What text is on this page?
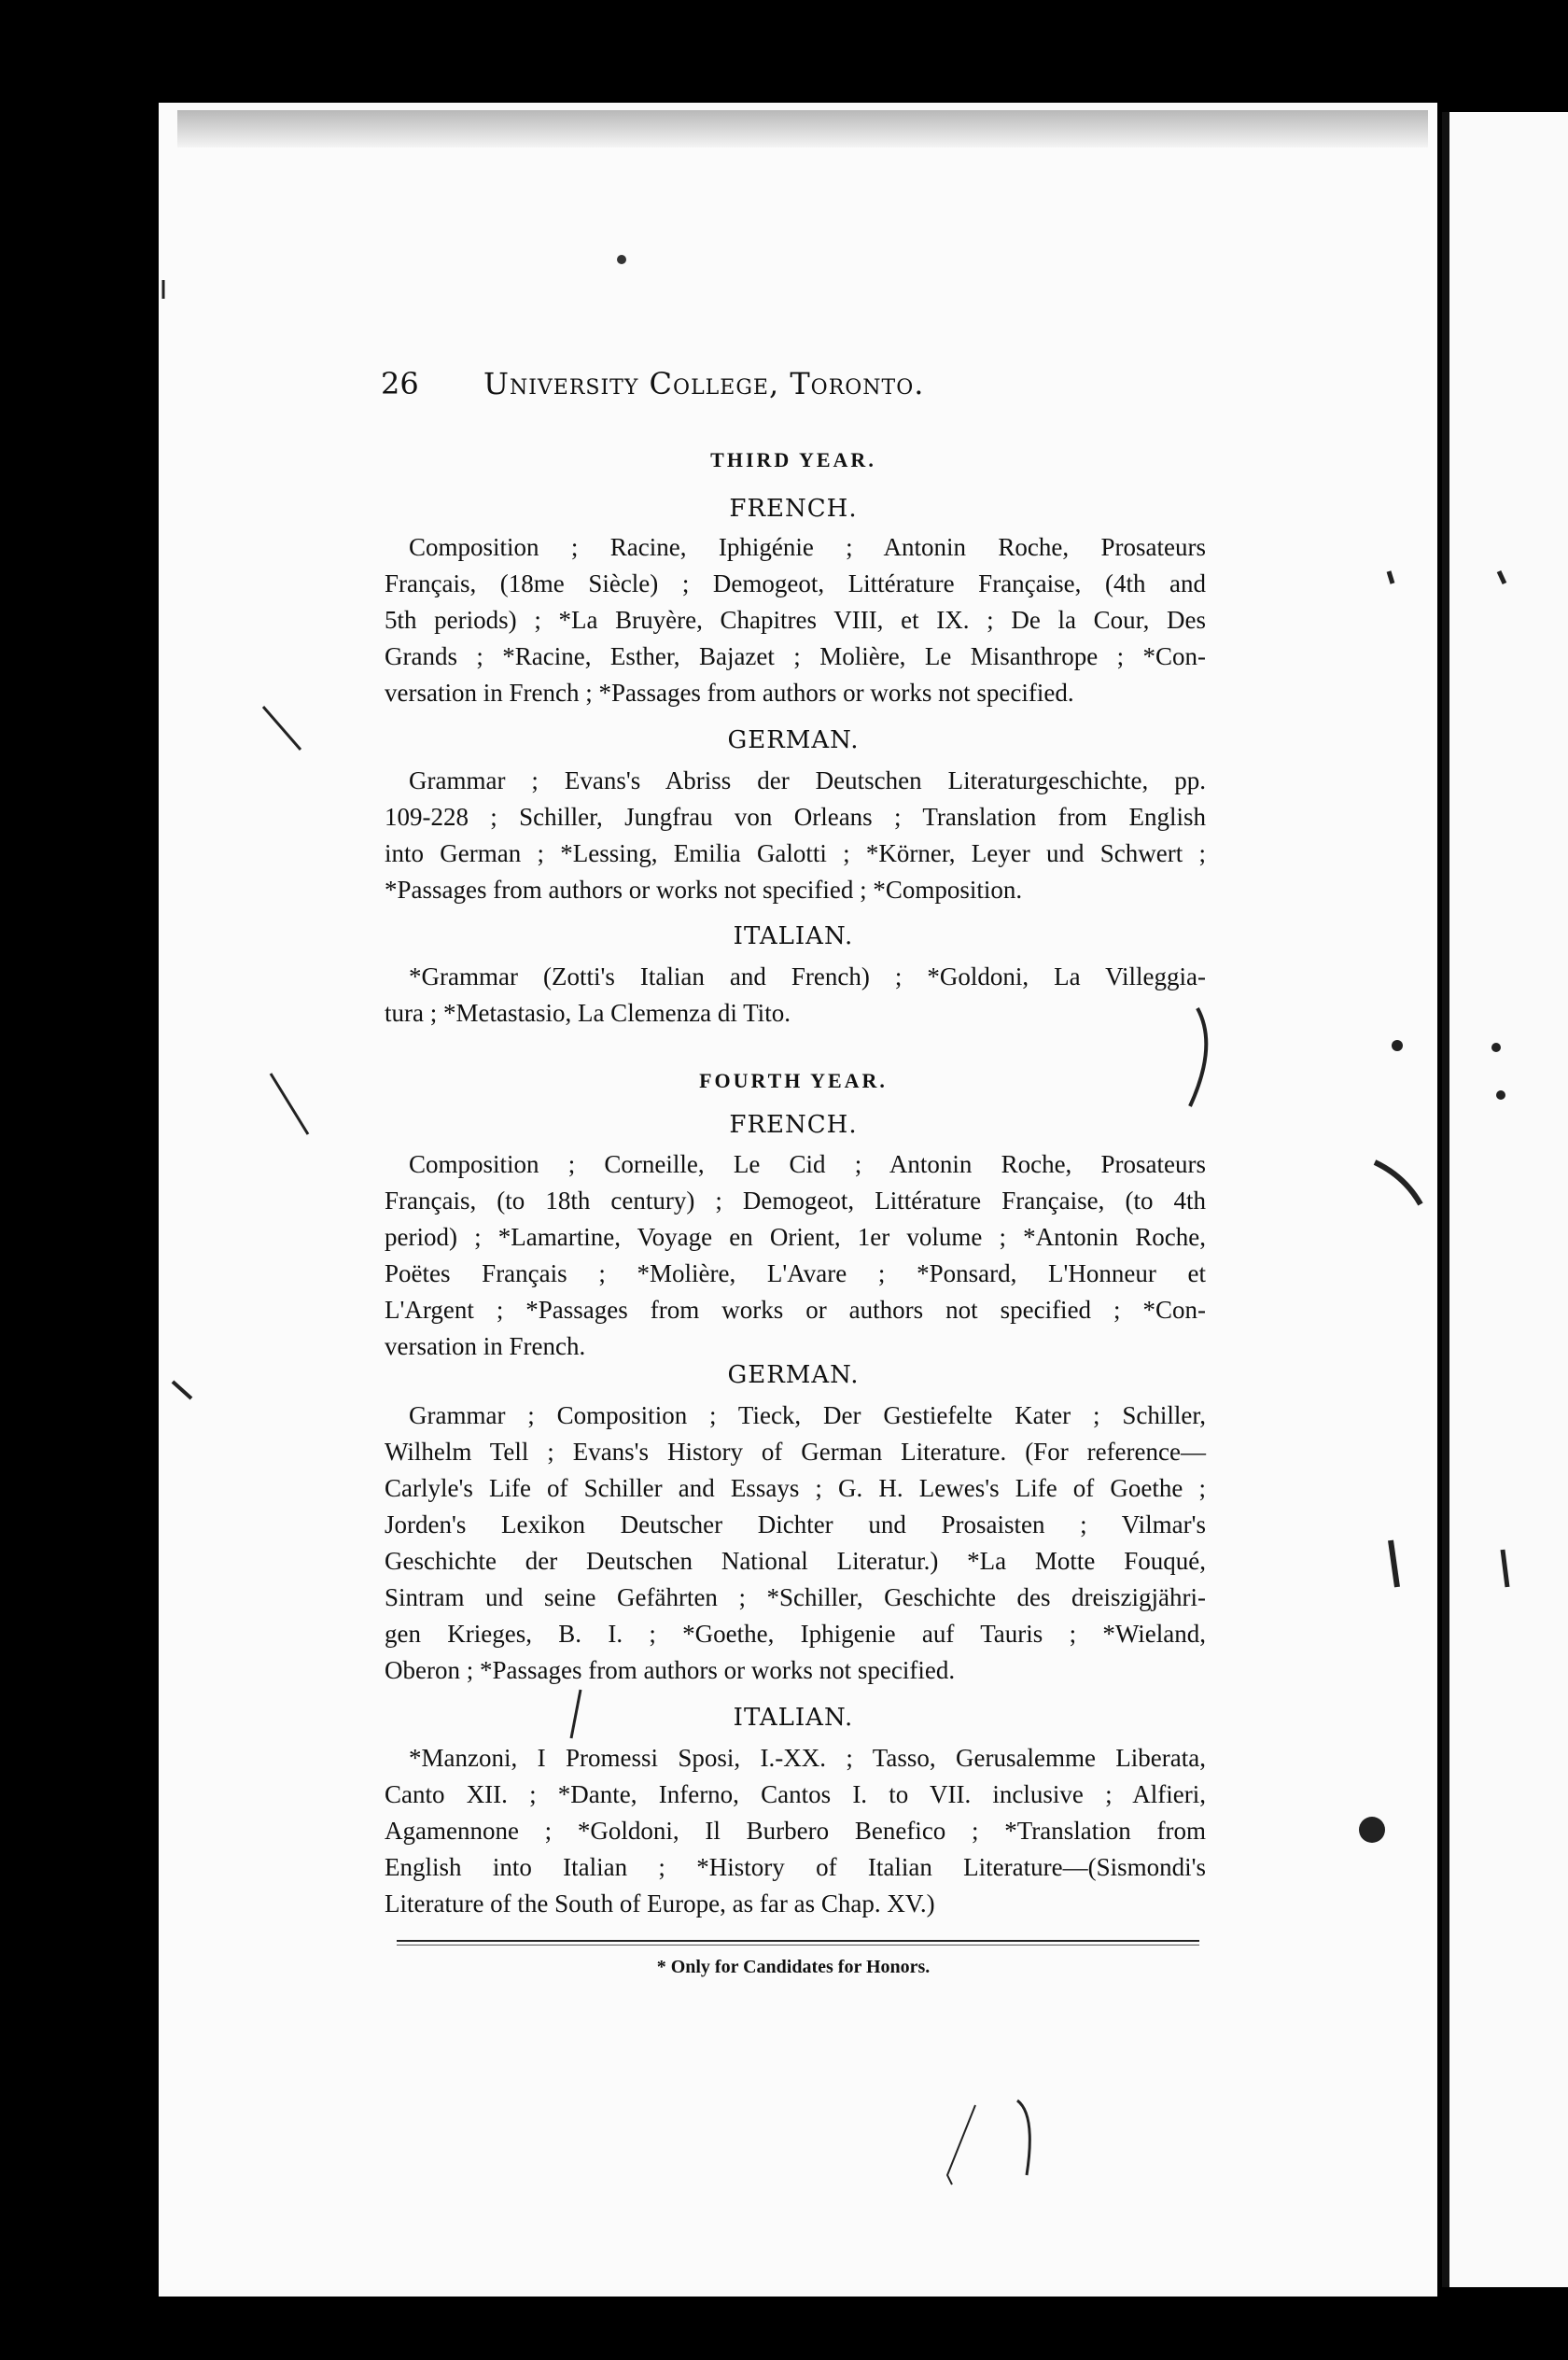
26	University College, Toronto.
THIRD YEAR.
FRENCH.
Composition ; Racine, Iphigénie ; Antonin Roche, Prosateurs
Français, (18me Siècle) ; Demogeot, Littérature Française, (4th and
5th periods) ; *La Bruyère, Chapitres VIII, et IX. ; De la Cour, Des
Grands ; *Racine, Esther, Bajazet ; Molière, Le Misanthrope ; *Con-
versation in French ; *Passages from authors or works not specified.
GERMAN.
Grammar ; Evans's Abriss der Deutschen Literaturgeschichte, pp.
109-228 ; Schiller, Jungfrau von Orleans ; Translation from English
into German ; *Lessing, Emilia Galotti ; *Körner, Leyer und Schwert ;
*Passages from authors or works not specified ; *Composition.
ITALIAN.
*Grammar (Zotti's Italian and French) ; *Goldoni, La Villeggia-
tura ; *Metastasio, La Clemenza di Tito.
FOURTH YEAR.
FRENCH.
Composition ; Corneille, Le Cid ; Antonin Roche, Prosateurs
Français, (to 18th century) ; Demogeot, Littérature Française, (to 4th
period) ; *Lamartine, Voyage en Orient, 1er volume ; *Antonin Roche,
Poëtes Français ; *Molière, L'Avare ; *Ponsard, L'Honneur et
L'Argent ; *Passages from works or authors not specified ; *Con-
versation in French.
GERMAN.
Grammar ; Composition ; Tieck, Der Gestiefelte Kater ; Schiller,
Wilhelm Tell ; Evans's History of German Literature. (For reference—
Carlyle's Life of Schiller and Essays ; G. H. Lewes's Life of Goethe ;
Jorden's Lexikon Deutscher Dichter und Prosaisten ; Vilmar's
Geschichte der Deutschen National Literatur.) *La Motte Fouqué,
Sintram und seine Gefährten ; *Schiller, Geschichte des dreiszigjähri-
gen Krieges, B. I. ; *Goethe, Iphigenie auf Tauris ; *Wieland,
Oberon ; *Passages from authors or works not specified.
ITALIAN.
*Manzoni, I Promessi Sposi, I.-XX. ; Tasso, Gerusalemme Liberata,
Canto XII. ; *Dante, Inferno, Cantos I. to VII. inclusive ; Alfieri,
Agamennone ; *Goldoni, Il Burbero Benefico ; *Translation from
English into Italian ; *History of Italian Literature—(Sismondi's
Literature of the South of Europe, as far as Chap. XV.)
* Only for Candidates for Honors.
